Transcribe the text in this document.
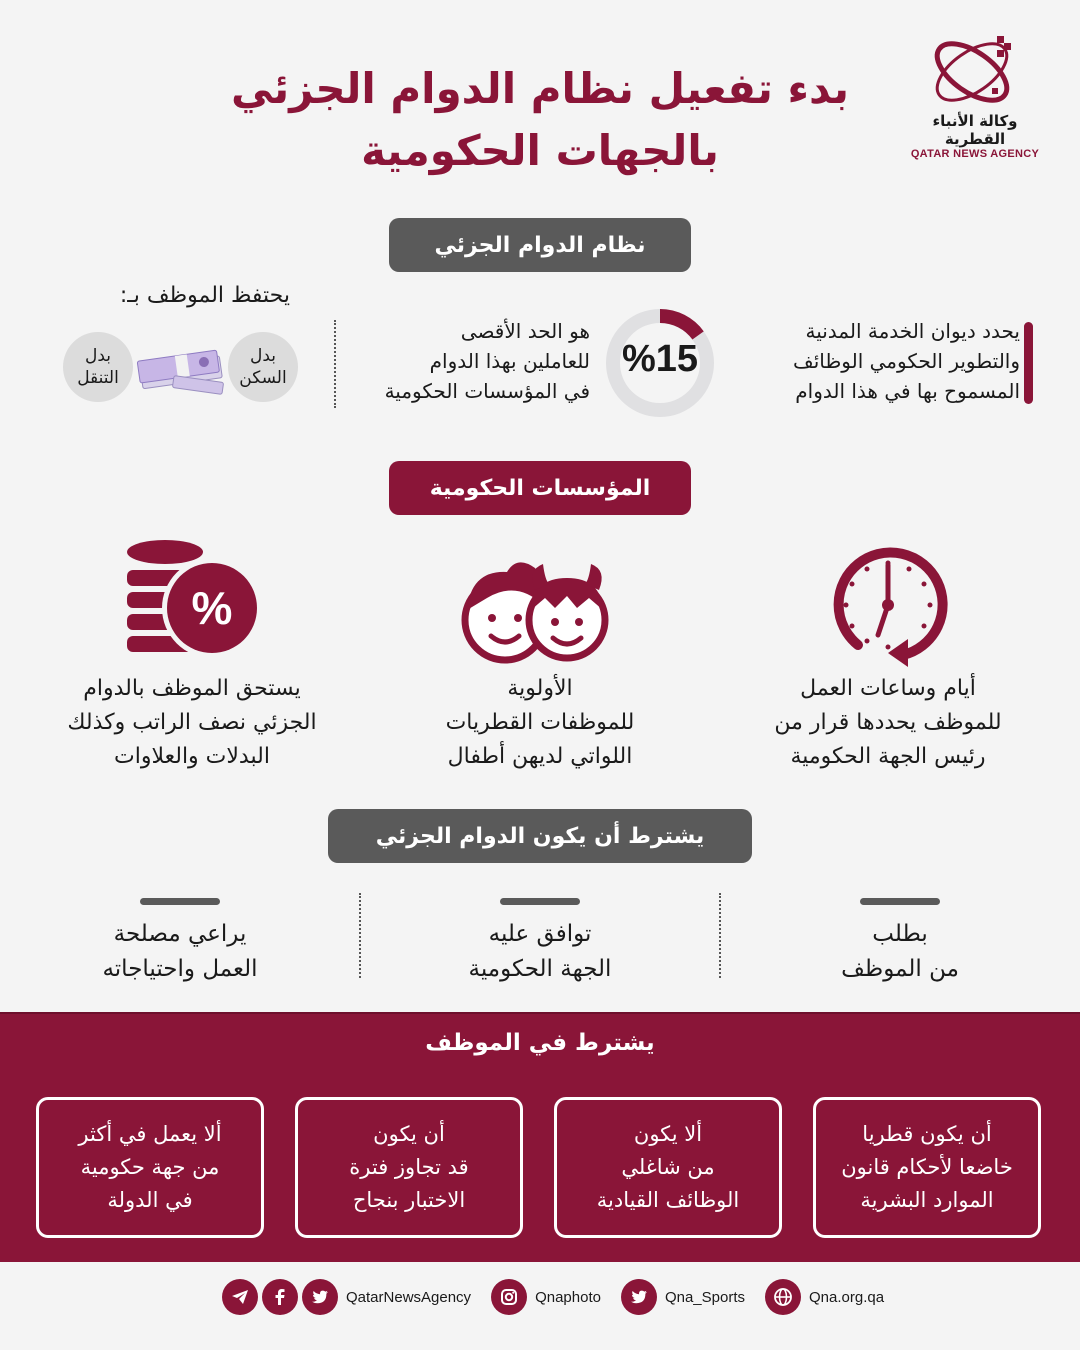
وكالة الأنباء القطرية
QATAR NEWS AGENCY
بدء تفعيل نظام الدوام الجزئي
بالجهات الحكومية
نظام الدوام الجزئي
يحدد ديوان الخدمة المدنية
والتطوير الحكومي الوظائف
المسموح بها في هذا الدوام
%15
هو الحد الأقصى
للعاملين بهذا الدوام
في المؤسسات الحكومية
يحتفظ الموظف بـ:
بدل
السكن
بدل
التنقل
المؤسسات الحكومية
%
أيام وساعات العمل
للموظف يحددها قرار من
رئيس الجهة الحكومية
الأولوية
للموظفات القطريات
اللواتي لديهن أطفال
يستحق الموظف بالدوام
الجزئي نصف الراتب وكذلك
البدلات والعلاوات
يشترط أن يكون الدوام الجزئي
بطلب
من الموظف
توافق عليه
الجهة الحكومية
يراعي مصلحة
العمل واحتياجاته
يشترط في الموظف
أن يكون قطريا
خاضعا لأحكام قانون
الموارد البشرية
ألا يكون
من شاغلي
الوظائف القيادية
أن يكون
قد تجاوز فترة
الاختبار بنجاح
ألا يعمل في أكثر
من جهة حكومية
في الدولة
QatarNewsAgency	Qnaphoto	Qna_Sports	Qna.org.qa
